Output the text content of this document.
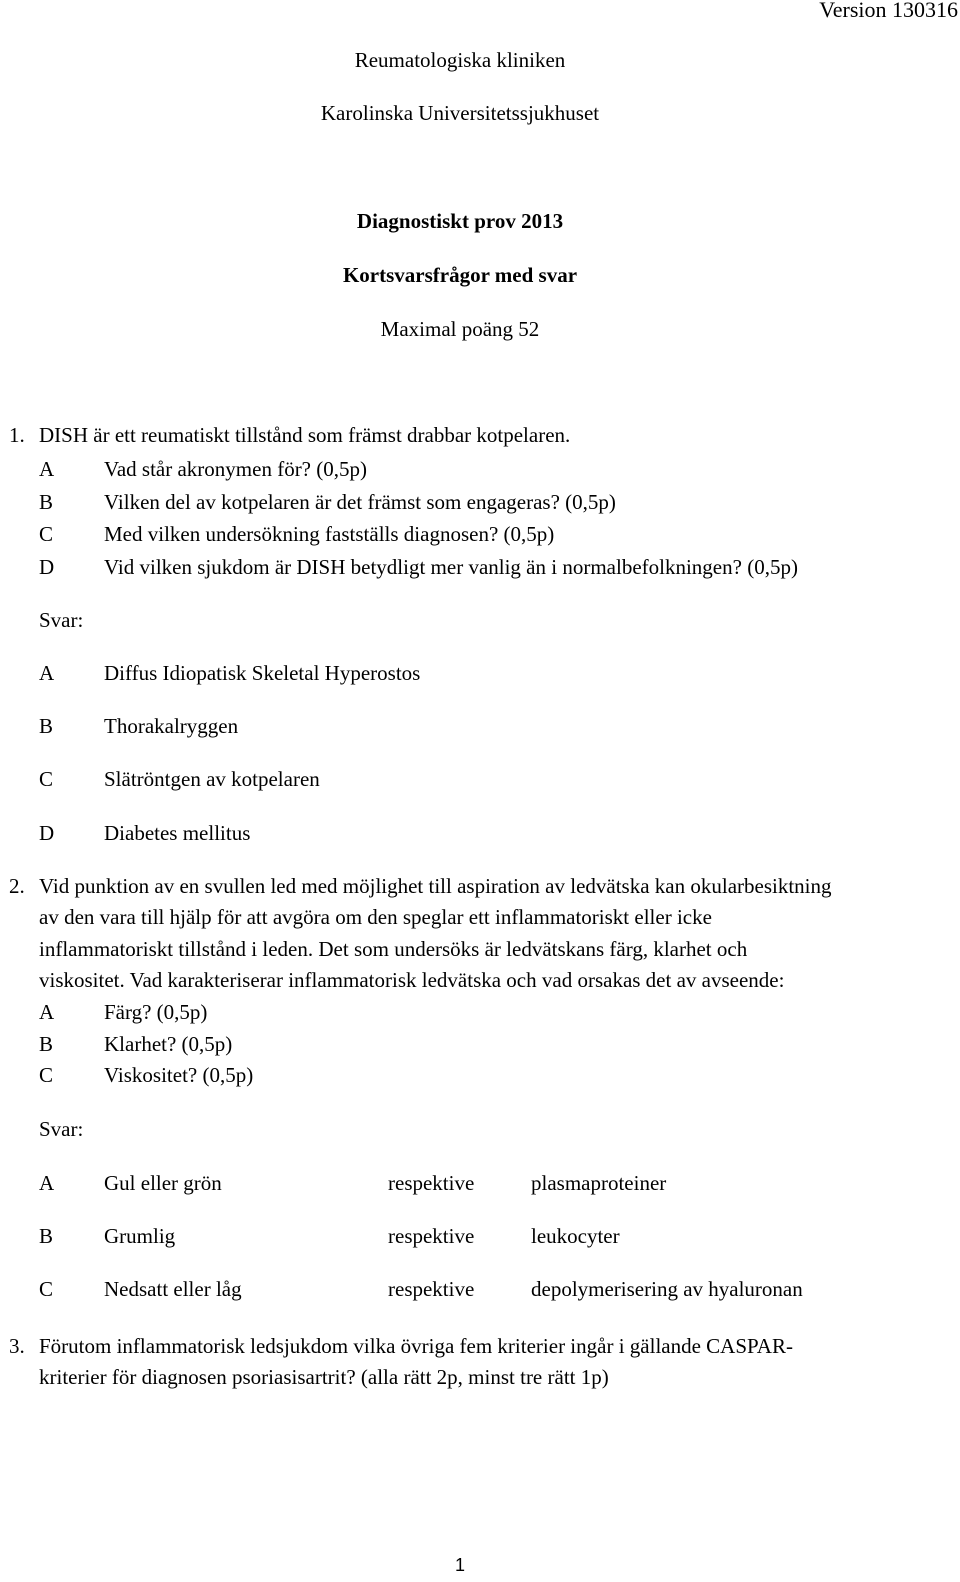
Version 130316
Reumatologiska kliniken
Karolinska Universitetssjukhuset
Diagnostiskt prov 2013
Kortsvarsfrågor med svar
Maximal poäng 52
1. DISH är ett reumatiskt tillstånd som främst drabbar kotpelaren.
A Vad står akronymen för? (0,5p)
B Vilken del av kotpelaren är det främst som engageras? (0,5p)
C Med vilken undersökning fastställs diagnosen? (0,5p)
D Vid vilken sjukdom är DISH betydligt mer vanlig än i normalbefolkningen? (0,5p)
Svar:
A Diffus Idiopatisk Skeletal Hyperostos
B Thorakalryggen
C Slätröntgen av kotpelaren
D Diabetes mellitus
2. Vid punktion av en svullen led med möjlighet till aspiration av ledvätska kan okularbesiktning
av den vara till hjälp för att avgöra om den speglar ett inflammatoriskt eller icke
inflammatoriskt tillstånd i leden. Det som undersöks är ledvätskans färg, klarhet och
viskositet. Vad karakteriserar inflammatorisk ledvätska och vad orsakas det av avseende:
A Färg? (0,5p)
B Klarhet? (0,5p)
C Viskositet? (0,5p)
Svar:
A Gul eller grön	respektive	plasmaproteiner
B Grumlig	respektive	leukocyter
C Nedsatt eller låg	respektive	depolymerisering av hyaluronan
3. Förutom inflammatorisk ledsjukdom vilka övriga fem kriterier ingår i gällande CASPAR-
kriterier för diagnosen psoriasisartrit? (alla rätt 2p, minst tre rätt 1p)
1
